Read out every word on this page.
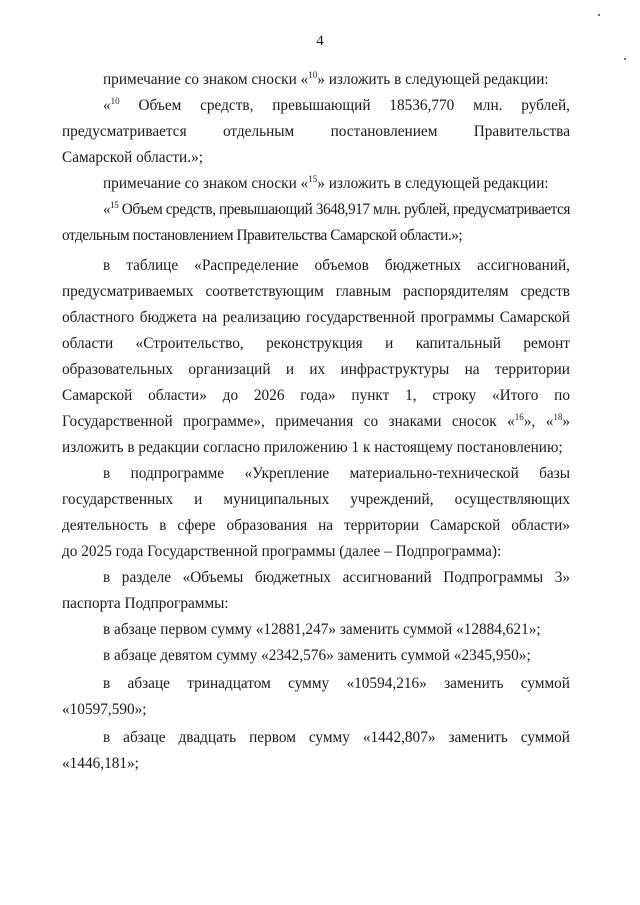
4
примечание со знаком сноски «$^{10}$» изложить в следующей редакции:
«$^{10}$ Объем средств, превышающий 18536,770 млн. рублей,
предусматривается отдельным постановлением Правительства
Самарской области.»;
примечание со знаком сноски «$^{15}$» изложить в следующей редакции:
«$^{15}$ Объем средств, превышающий 3648,917 млн. рублей, предусматривается
отдельным постановлением Правительства Самарской области.»;
в таблице «Распределение объемов бюджетных ассигнований,
предусматриваемых соответствующим главным распорядителям средств
областного бюджета на реализацию государственной программы Самарской
области «Строительство, реконструкция и капитальный ремонт
образовательных организаций и их инфраструктуры на территории
Самарской области» до 2026 года» пункт 1, строку «Итого по
Государственной программе», примечания со знаками сносок «$^{16}$», «$^{18}$»
изложить в редакции согласно приложению 1 к настоящему постановлению;
в подпрограмме «Укрепление материально-технической базы
государственных и муниципальных учреждений, осуществляющих
деятельность в сфере образования на территории Самарской области»
до 2025 года Государственной программы (далее – Подпрограмма):
в разделе «Объемы бюджетных ассигнований Подпрограммы 3»
паспорта Подпрограммы:
в абзаце первом сумму «12881,247» заменить суммой «12884,621»;
в абзаце девятом сумму «2342,576» заменить суммой «2345,950»;
в абзаце тринадцатом сумму «10594,216» заменить суммой
«10597,590»;
в абзаце двадцать первом сумму «1442,807» заменить суммой
«1446,181»;
